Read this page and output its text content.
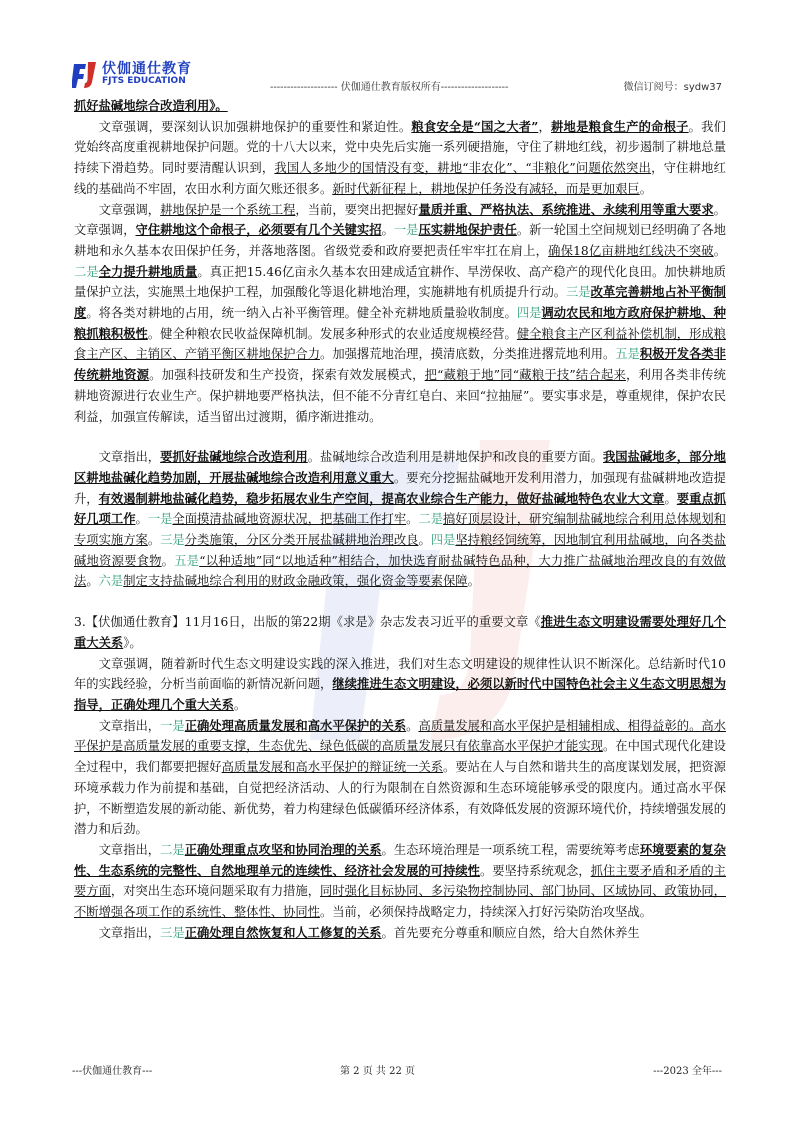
伏伽通仕教育
FJTS EDUCATION
-------------------- 伏伽通仕教育版权所有--------------------	微信订阅号：sydw37

抓好盐碱地综合改造利用》。

文章强调，要深刻认识加强耕地保护的重要性和紧迫性。粮食安全是“国之大者”，耕地是粮食生产的命根子。我们党始终高度重视耕地保护问题。党的十八大以来，党中央先后实施一系列硬措施，守住了耕地红线，初步遏制了耕地总量持续下滑趋势。同时要清醒认识到，我国人多地少的国情没有变，耕地“非农化”、“非粮化”问题依然突出，守住耕地红线的基础尚不牢固，农田水利方面欠账还很多。新时代新征程上，耕地保护任务没有减轻，而是更加艰巨。

文章强调，耕地保护是一个系统工程，当前，要突出把握好量质并重、严格执法、系统推进、永续利用等重大要求。文章强调，守住耕地这个命根子，必须要有几个关键实招。一是压实耕地保护责任。新一轮国土空间规划已经明确了各地耕地和永久基本农田保护任务，并落地落图。省级党委和政府要把责任牢牢扛在肩上，确保18亿亩耕地红线决不突破。二是全力提升耕地质量。真正把15.46亿亩永久基本农田建成适宜耕作、旱涝保收、高产稳产的现代化良田。加快耕地质量保护立法，实施黑土地保护工程，加强酸化等退化耕地治理，实施耕地有机质提升行动。三是改革完善耕地占补平衡制度。将各类对耕地的占用，统一纳入占补平衡管理。健全补充耕地质量验收制度。四是调动农民和地方政府保护耕地、种粮抓粮积极性。健全种粮农民收益保障机制。发展多种形式的农业适度规模经营。健全粮食主产区利益补偿机制，形成粮食主产区、主销区、产销平衡区耕地保护合力。加强撂荒地治理，摸清底数，分类推进撂荒地利用。五是积极开发各类非传统耕地资源。加强科技研发和生产投资，探索有效发展模式，把“藏粮于地”同“藏粮于技”结合起来，利用各类非传统耕地资源进行农业生产。保护耕地要严格执法，但不能不分青红皂白、来回“拉抽屉”。要实事求是，尊重规律，保护农民利益，加强宣传解读，适当留出过渡期，循序渐进推动。

文章指出，要抓好盐碱地综合改造利用。盐碱地综合改造利用是耕地保护和改良的重要方面。我国盐碱地多，部分地区耕地盐碱化趋势加剧，开展盐碱地综合改造利用意义重大。要充分挖掘盐碱地开发利用潜力，加强现有盐碱耕地改造提升，有效遏制耕地盐碱化趋势，稳步拓展农业生产空间，提高农业综合生产能力，做好盐碱地特色农业大文章。要重点抓好几项工作。一是全面摸清盐碱地资源状况，把基础工作打牢。二是搞好顶层设计，研究编制盐碱地综合利用总体规划和专项实施方案。三是分类施策，分区分类开展盐碱耕地治理改良。四是坚持粮经饲统筹，因地制宜利用盐碱地，向各类盐碱地资源要食物。五是“以种适地”同“以地适种”相结合，加快选育耐盐碱特色品种，大力推广盐碱地治理改良的有效做法。六是制定支持盐碱地综合利用的财政金融政策，强化资金等要素保障。

3.【伏伽通仕教育】11月16日，出版的第22期《求是》杂志发表习近平的重要文章《推进生态文明建设需要处理好几个重大关系》。

文章强调，随着新时代生态文明建设实践的深入推进，我们对生态文明建设的规律性认识不断深化。总结新时代10年的实践经验，分析当前面临的新情况新问题，继续推进生态文明建设，必须以新时代中国特色社会主义生态文明思想为指导，正确处理几个重大关系。

文章指出，一是正确处理高质量发展和高水平保护的关系。高质量发展和高水平保护是相辅相成、相得益彰的。高水平保护是高质量发展的重要支撑，生态优先、绿色低碳的高质量发展只有依靠高水平保护才能实现。在中国式现代化建设全过程中，我们都要把握好高质量发展和高水平保护的辩证统一关系。要站在人与自然和谐共生的高度谋划发展，把资源环境承载力作为前提和基础，自觉把经济活动、人的行为限制在自然资源和生态环境能够承受的限度内。通过高水平保护，不断塑造发展的新动能、新优势，着力构建绿色低碳循环经济体系，有效降低发展的资源环境代价，持续增强发展的潜力和后劲。

文章指出，二是正确处理重点攻坚和协同治理的关系。生态环境治理是一项系统工程，需要统筹考虑环境要素的复杂性、生态系统的完整性、自然地理单元的连续性、经济社会发展的可持续性。要坚持系统观念，抓住主要矛盾和矛盾的主要方面，对突出生态环境问题采取有力措施，同时强化目标协同、多污染物控制协同、部门协同、区域协同、政策协同，不断增强各项工作的系统性、整体性、协同性。当前，必须保持战略定力，持续深入打好污染防治攻坚战。

文章指出，三是正确处理自然恢复和人工修复的关系。首先要充分尊重和顺应自然，给大自然休养生

---伏伽通仕教育---	第 2 页 共 22 页	---2023 全年---
